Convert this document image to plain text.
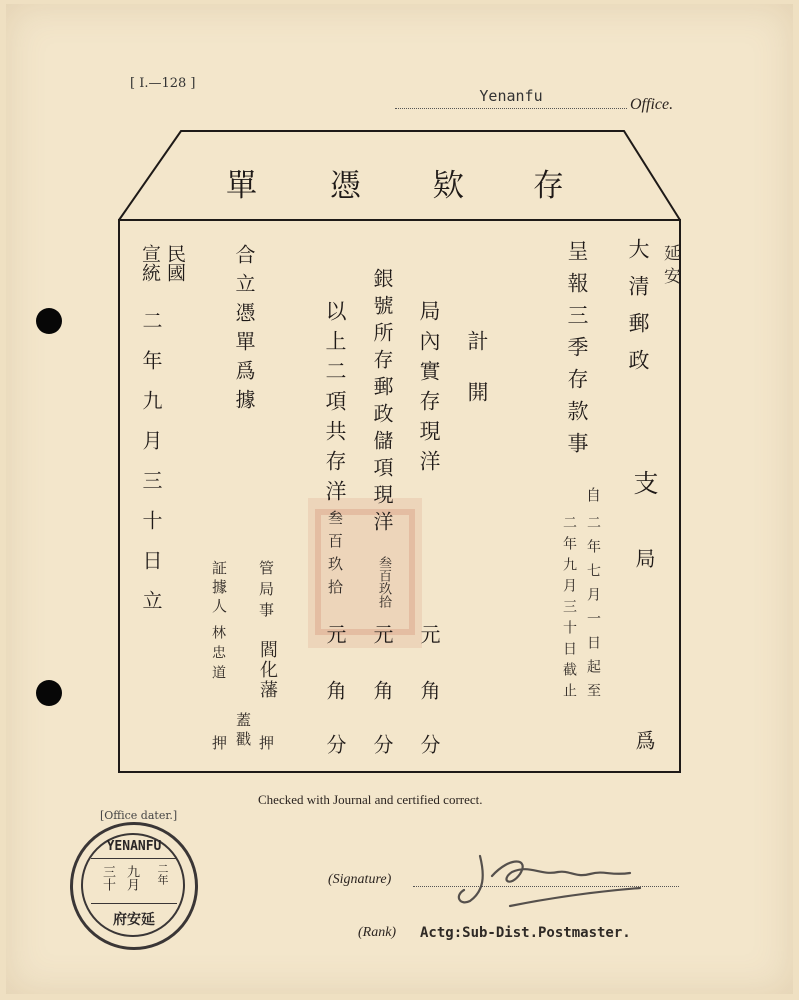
[ I.—128 ]
Yenanfu	Office.
存
欵
憑
單
大清郵政 延安
支
局
爲
呈報三季存款事
自
二年七月一日起至
二年九月三十日截止
計開
局內實存現洋
元
角
分
銀號所存郵政儲項現洋
叁百玖拾
元
角
分
以上二項共存洋
叁百玖拾
元
角
分
合立憑單爲據
管局事
閻化藩
押
蓋戳
証據人
林忠道
押
民國
宣統
二年九月三十日立
Checked with Journal and certified correct.
[Office dater.]
YENANFU
三十 九月 二年
府安延
(Signature)
(Rank) Actg:Sub-Dist.Postmaster.
